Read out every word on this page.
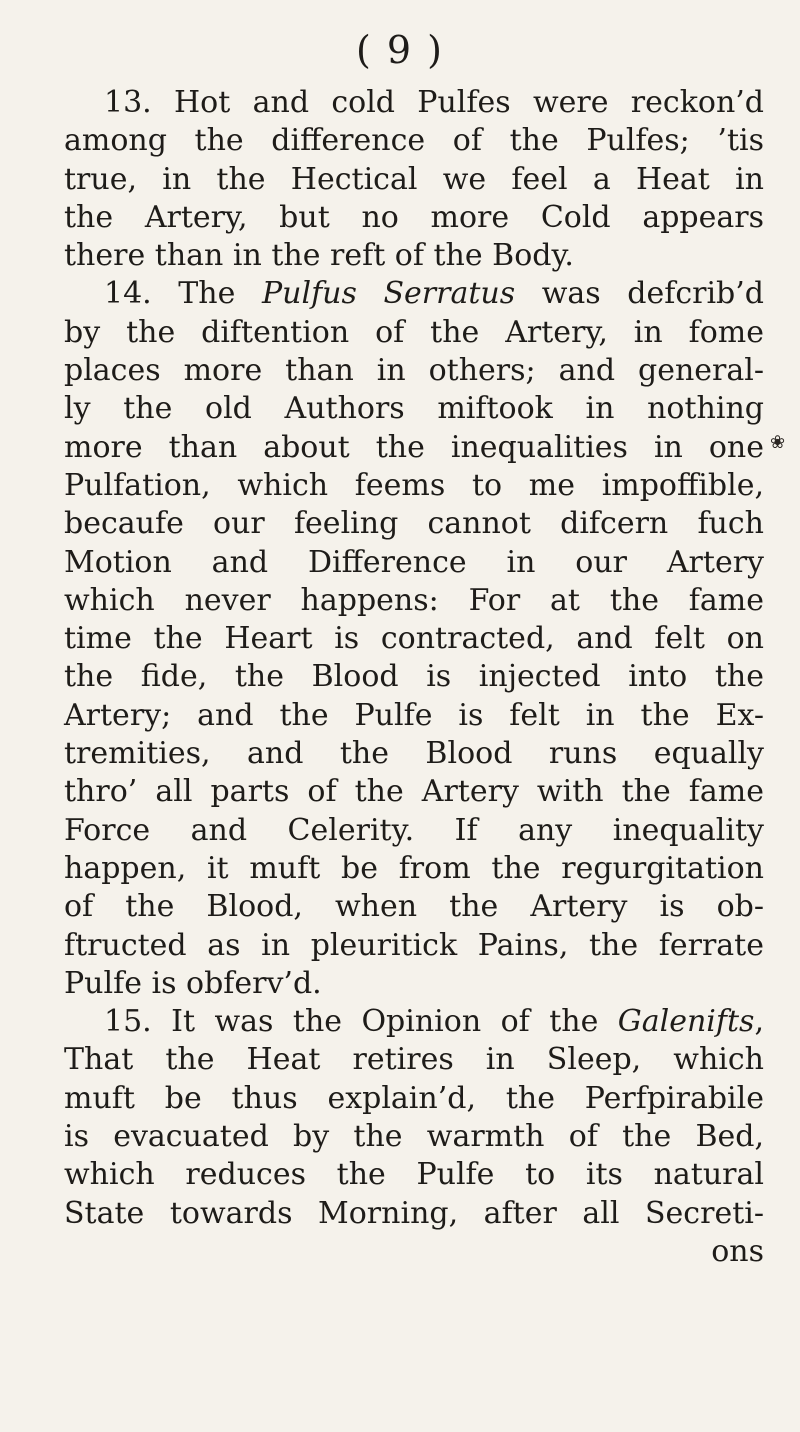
( 9 )
❀
13. Hot and cold Pulfes were reckon’d
among the difference of the Pulfes; ’tis
true, in the Hectical we feel a Heat in
the Artery, but no more Cold appears
there than in the reft of the Body.
14. The Pulfus Serratus was defcrib’d
by the diftention of the Artery, in fome
places more than in others; and general-
ly the old Authors miftook in nothing
more than about the inequalities in one
Pulfation, which feems to me impoffible,
becaufe our feeling cannot difcern fuch
Motion and Difference in our Artery
which never happens: For at the fame
time the Heart is contracted, and felt on
the fide, the Blood is injected into the
Artery; and the Pulfe is felt in the Ex-
tremities, and the Blood runs equally
thro’ all parts of the Artery with the fame
Force and Celerity. If any inequality
happen, it muft be from the regurgitation
of the Blood, when the Artery is ob-
ftructed as in pleuritick Pains, the ferrate
Pulfe is obferv’d.
15. It was the Opinion of the Galenifts,
That the Heat retires in Sleep, which
muft be thus explain’d, the Perfpirabile
is evacuated by the warmth of the Bed,
which reduces the Pulfe to its natural
State towards Morning, after all Secreti-
ons
